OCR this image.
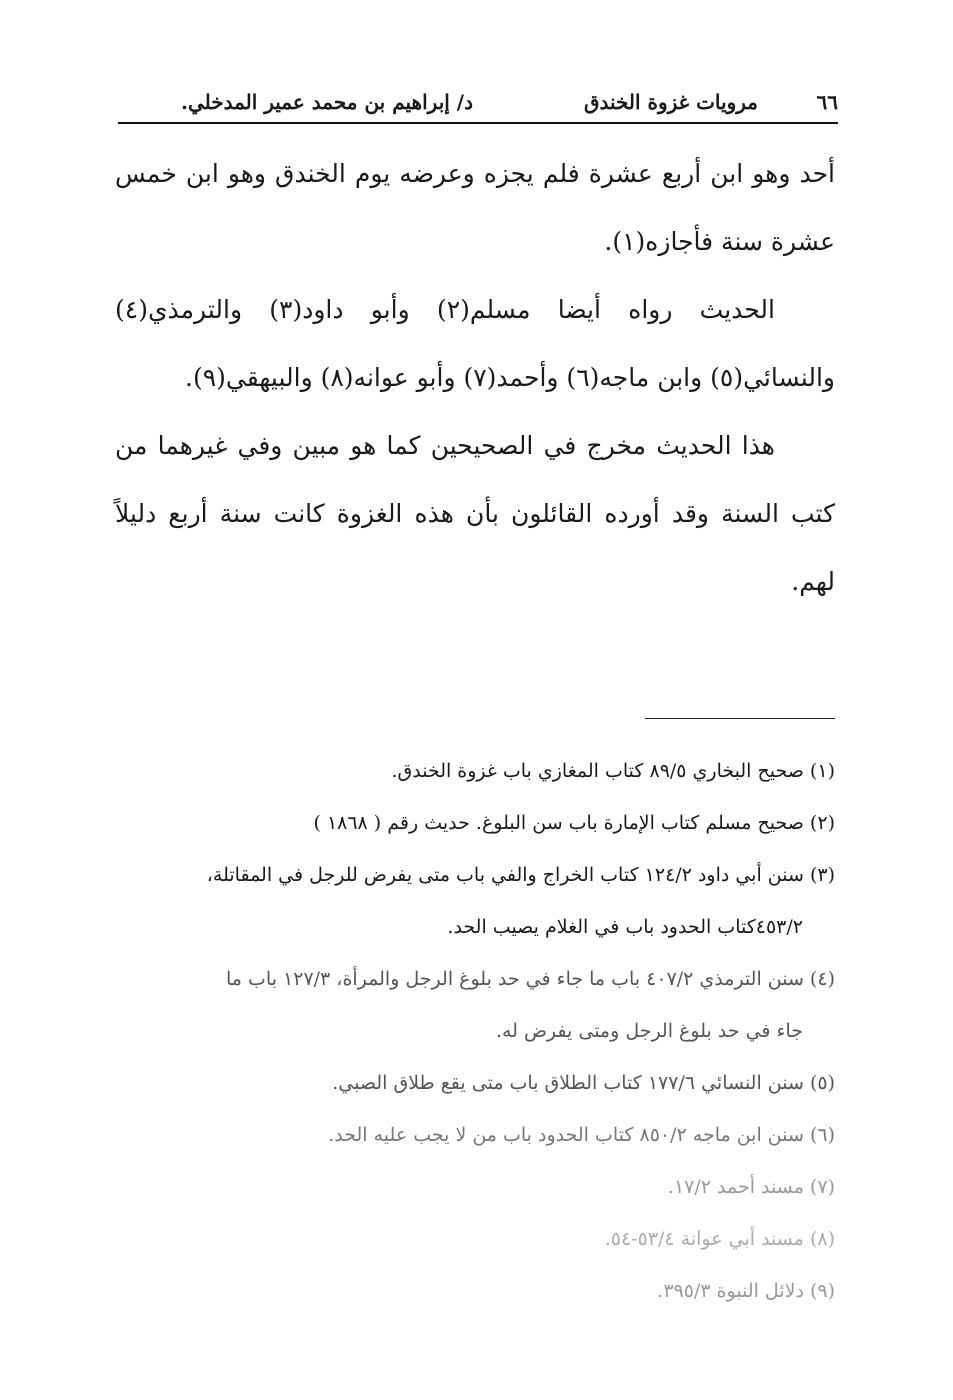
٦٦
مرويات غزوة الخندق
د/ إبراهيم بن محمد عمير المدخلي.

أحد وهو ابن أربع عشرة فلم يجزه وعرضه يوم الخندق وهو ابن خمس عشرة سنة فأجازه(١).

الحديث رواه أيضا مسلم(٢) وأبو داود(٣) والترمذي(٤) والنسائي(٥) وابن ماجه(٦) وأحمد(٧) وأبو عوانه(٨) والبيهقي(٩).

هذا الحديث مخرج في الصحيحين كما هو مبين وفي غيرهما من كتب السنة وقد أورده القائلون بأن هذه الغزوة كانت سنة أربع دليلاً لهم.

(١) صحيح البخاري ٨٩/٥ كتاب المغازي باب غزوة الخندق.

(٢) صحيح مسلم كتاب الإمارة باب سن البلوغ. حديث رقم ( ١٨٦٨ )

(٣) سنن أبي داود ١٢٤/٢ كتاب الخراج والفي باب متى يفرض للرجل في المقاتلة،
٤٥٣/٢كتاب الحدود باب في الغلام يصيب الحد.

(٤) سنن الترمذي ٤٠٧/٢ باب ما جاء في حد بلوغ الرجل والمرأة، ١٢٧/٣ باب ما
جاء في حد بلوغ الرجل ومتى يفرض له.

(٥) سنن النسائي ١٧٧/٦ كتاب الطلاق باب متى يقع طلاق الصبي.

(٦) سنن ابن ماجه ٨٥٠/٢ كتاب الحدود باب من لا يجب عليه الحد.

(٧) مسند أحمد ١٧/٢.

(٨) مسند أبي عوانة ٥٣/٤-٥٤.

(٩) دلائل النبوة ٣٩٥/٣.
